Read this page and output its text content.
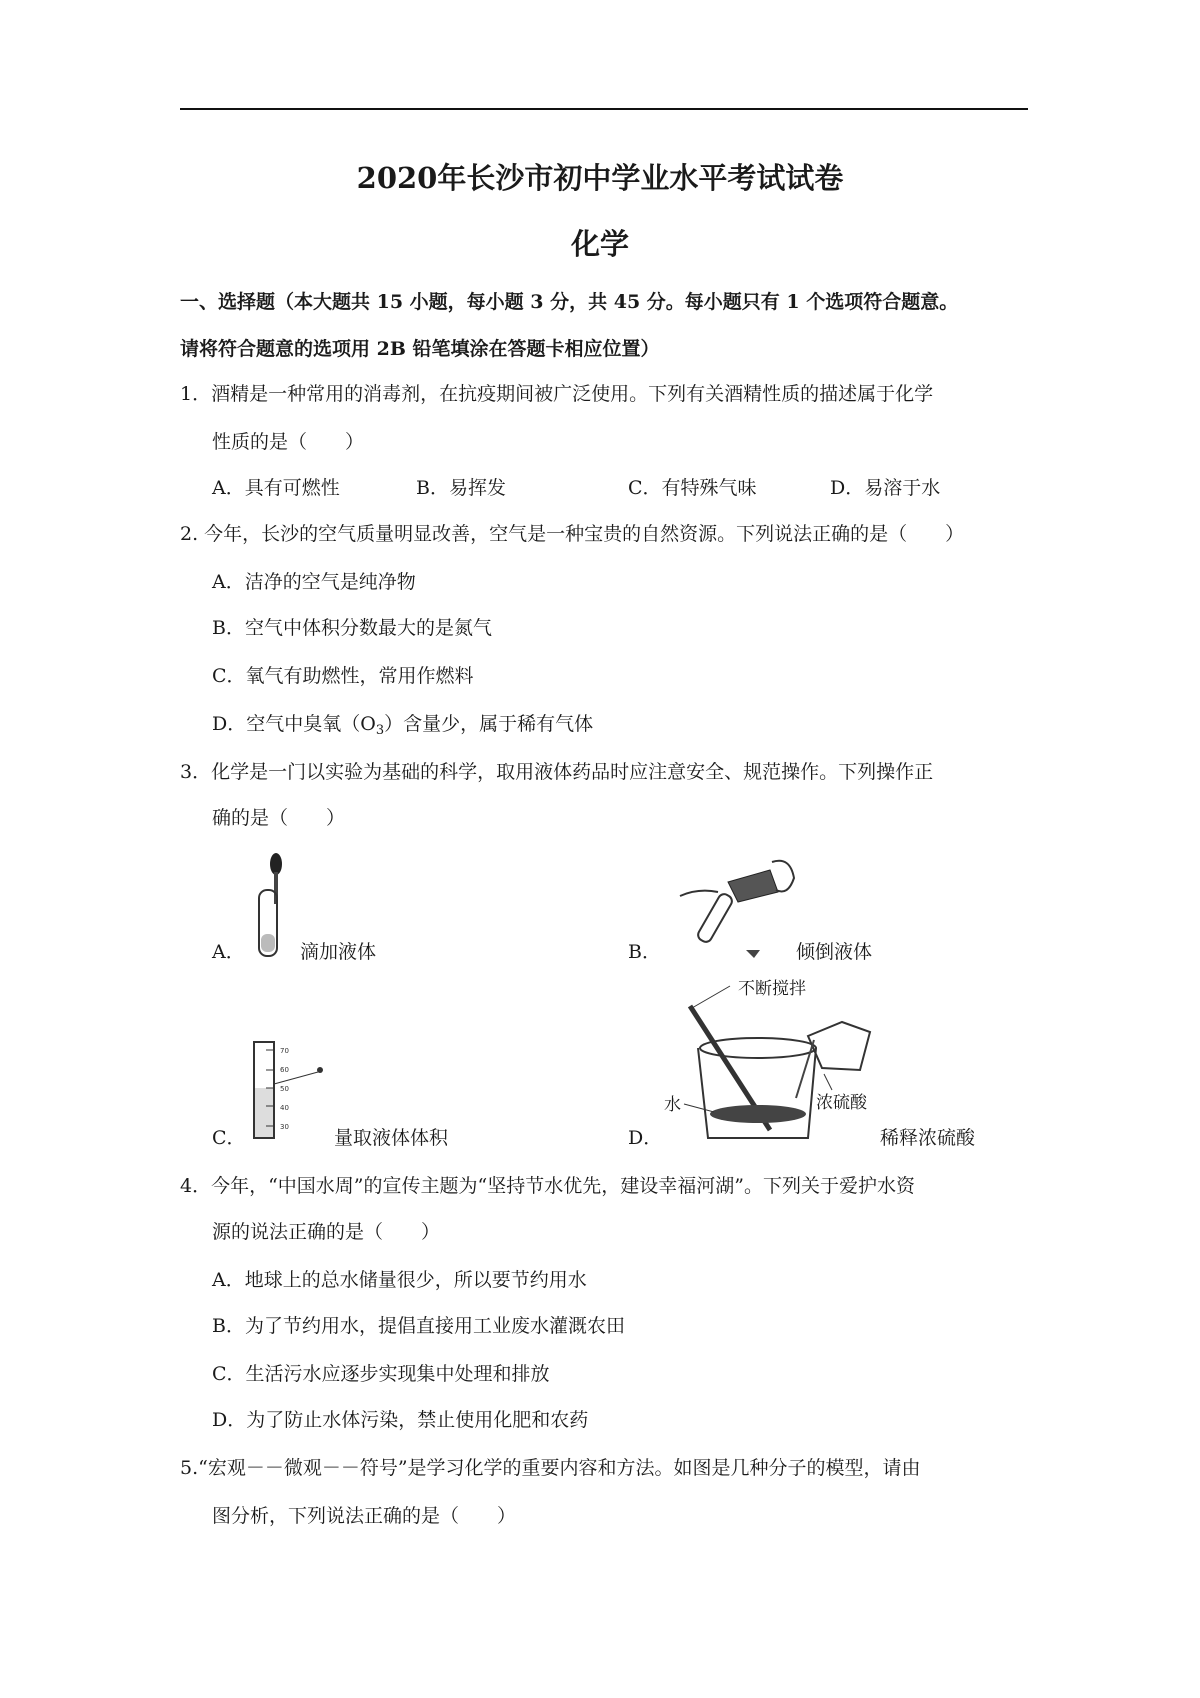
2020年长沙市初中学业水平考试试卷
化学
一、选择题（本大题共 15 小题，每小题 3 分，共 45 分。每小题只有 1 个选项符合题意。
请将符合题意的选项用 2B 铅笔填涂在答题卡相应位置）
1．酒精是一种常用的消毒剂，在抗疫期间被广泛使用。下列有关酒精性质的描述属于化学
性质的是（　　）
A．具有可燃性	B．易挥发	C．有特殊气味	D．易溶于水
2. 今年，长沙的空气质量明显改善，空气是一种宝贵的自然资源。下列说法正确的是（　　）
A．洁净的空气是纯净物
B．空气中体积分数最大的是氮气
C．氧气有助燃性，常用作燃料
D．空气中臭氧$(O_3)$含量少，属于稀有气体
3．化学是一门以实验为基础的科学，取用液体药品时应注意安全、规范操作。下列操作正
确的是（　　）
A．	滴加液体	B．	倾倒液体
70
60
50
40
30
C．	量取液体体积
不断搅拌
水	浓硫酸
D．	稀释浓硫酸
4．今年，“中国水周”的宣传主题为“坚持节水优先，建设幸福河湖”。下列关于爱护水资
源的说法正确的是（　　）
A．地球上的总水储量很少，所以要节约用水
B．为了节约用水，提倡直接用工业废水灌溉农田
C．生活污水应逐步实现集中处理和排放
D．为了防止水体污染，禁止使用化肥和农药
5.“宏观－－微观－－符号”是学习化学的重要内容和方法。如图是几种分子的模型，请由
图分析，下列说法正确的是（　　）
